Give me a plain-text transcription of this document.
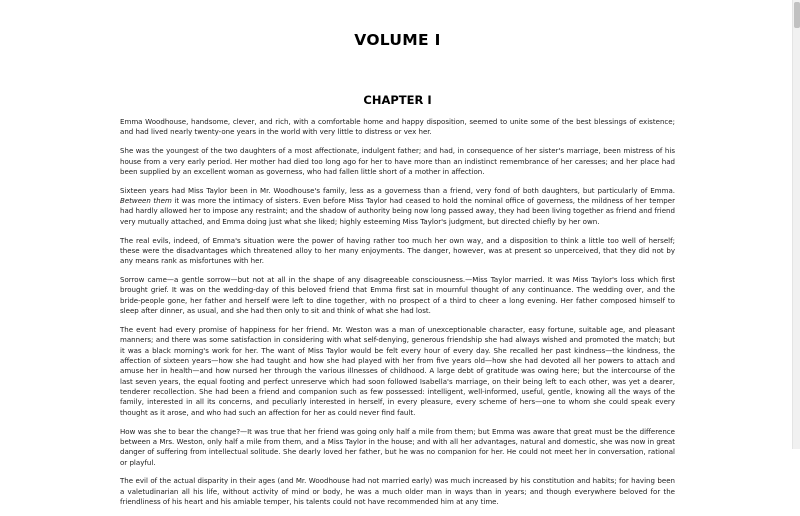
VOLUME I
CHAPTER I

Emma Woodhouse, handsome, clever, and rich, with a comfortable home and happy disposition, seemed to unite some of the best blessings of existence; and had lived nearly twenty-one years in the world with very little to distress or vex her.

She was the youngest of the two daughters of a most affectionate, indulgent father; and had, in consequence of her sister's marriage, been mistress of his house from a very early period. Her mother had died too long ago for her to have more than an indistinct remembrance of her caresses; and her place had been supplied by an excellent woman as governess, who had fallen little short of a mother in affection.

Sixteen years had Miss Taylor been in Mr. Woodhouse's family, less as a governess than a friend, very fond of both daughters, but particularly of Emma. Between them it was more the intimacy of sisters. Even before Miss Taylor had ceased to hold the nominal office of governess, the mildness of her temper had hardly allowed her to impose any restraint; and the shadow of authority being now long passed away, they had been living together as friend and friend very mutually attached, and Emma doing just what she liked; highly esteeming Miss Taylor's judgment, but directed chiefly by her own.

The real evils, indeed, of Emma's situation were the power of having rather too much her own way, and a disposition to think a little too well of herself; these were the disadvantages which threatened alloy to her many enjoyments. The danger, however, was at present so unperceived, that they did not by any means rank as misfortunes with her.

Sorrow came—a gentle sorrow—but not at all in the shape of any disagreeable consciousness.—Miss Taylor married. It was Miss Taylor's loss which first brought grief. It was on the wedding-day of this beloved friend that Emma first sat in mournful thought of any continuance. The wedding over, and the bride-people gone, her father and herself were left to dine together, with no prospect of a third to cheer a long evening. Her father composed himself to sleep after dinner, as usual, and she had then only to sit and think of what she had lost.

The event had every promise of happiness for her friend. Mr. Weston was a man of unexceptionable character, easy fortune, suitable age, and pleasant manners; and there was some satisfaction in considering with what self-denying, generous friendship she had always wished and promoted the match; but it was a black morning's work for her. The want of Miss Taylor would be felt every hour of every day. She recalled her past kindness—the kindness, the affection of sixteen years—how she had taught and how she had played with her from five years old—how she had devoted all her powers to attach and amuse her in health—and how nursed her through the various illnesses of childhood. A large debt of gratitude was owing here; but the intercourse of the last seven years, the equal footing and perfect unreserve which had soon followed Isabella's marriage, on their being left to each other, was yet a dearer, tenderer recollection. She had been a friend and companion such as few possessed: intelligent, well-informed, useful, gentle, knowing all the ways of the family, interested in all its concerns, and peculiarly interested in herself, in every pleasure, every scheme of hers—one to whom she could speak every thought as it arose, and who had such an affection for her as could never find fault.

How was she to bear the change?—It was true that her friend was going only half a mile from them; but Emma was aware that great must be the difference between a Mrs. Weston, only half a mile from them, and a Miss Taylor in the house; and with all her advantages, natural and domestic, she was now in great danger of suffering from intellectual solitude. She dearly loved her father, but he was no companion for her. He could not meet her in conversation, rational or playful.

The evil of the actual disparity in their ages (and Mr. Woodhouse had not married early) was much increased by his constitution and habits; for having been a valetudinarian all his life, without activity of mind or body, he was a much older man in ways than in years; and though everywhere beloved for the friendliness of his heart and his amiable temper, his talents could not have recommended him at any time.
